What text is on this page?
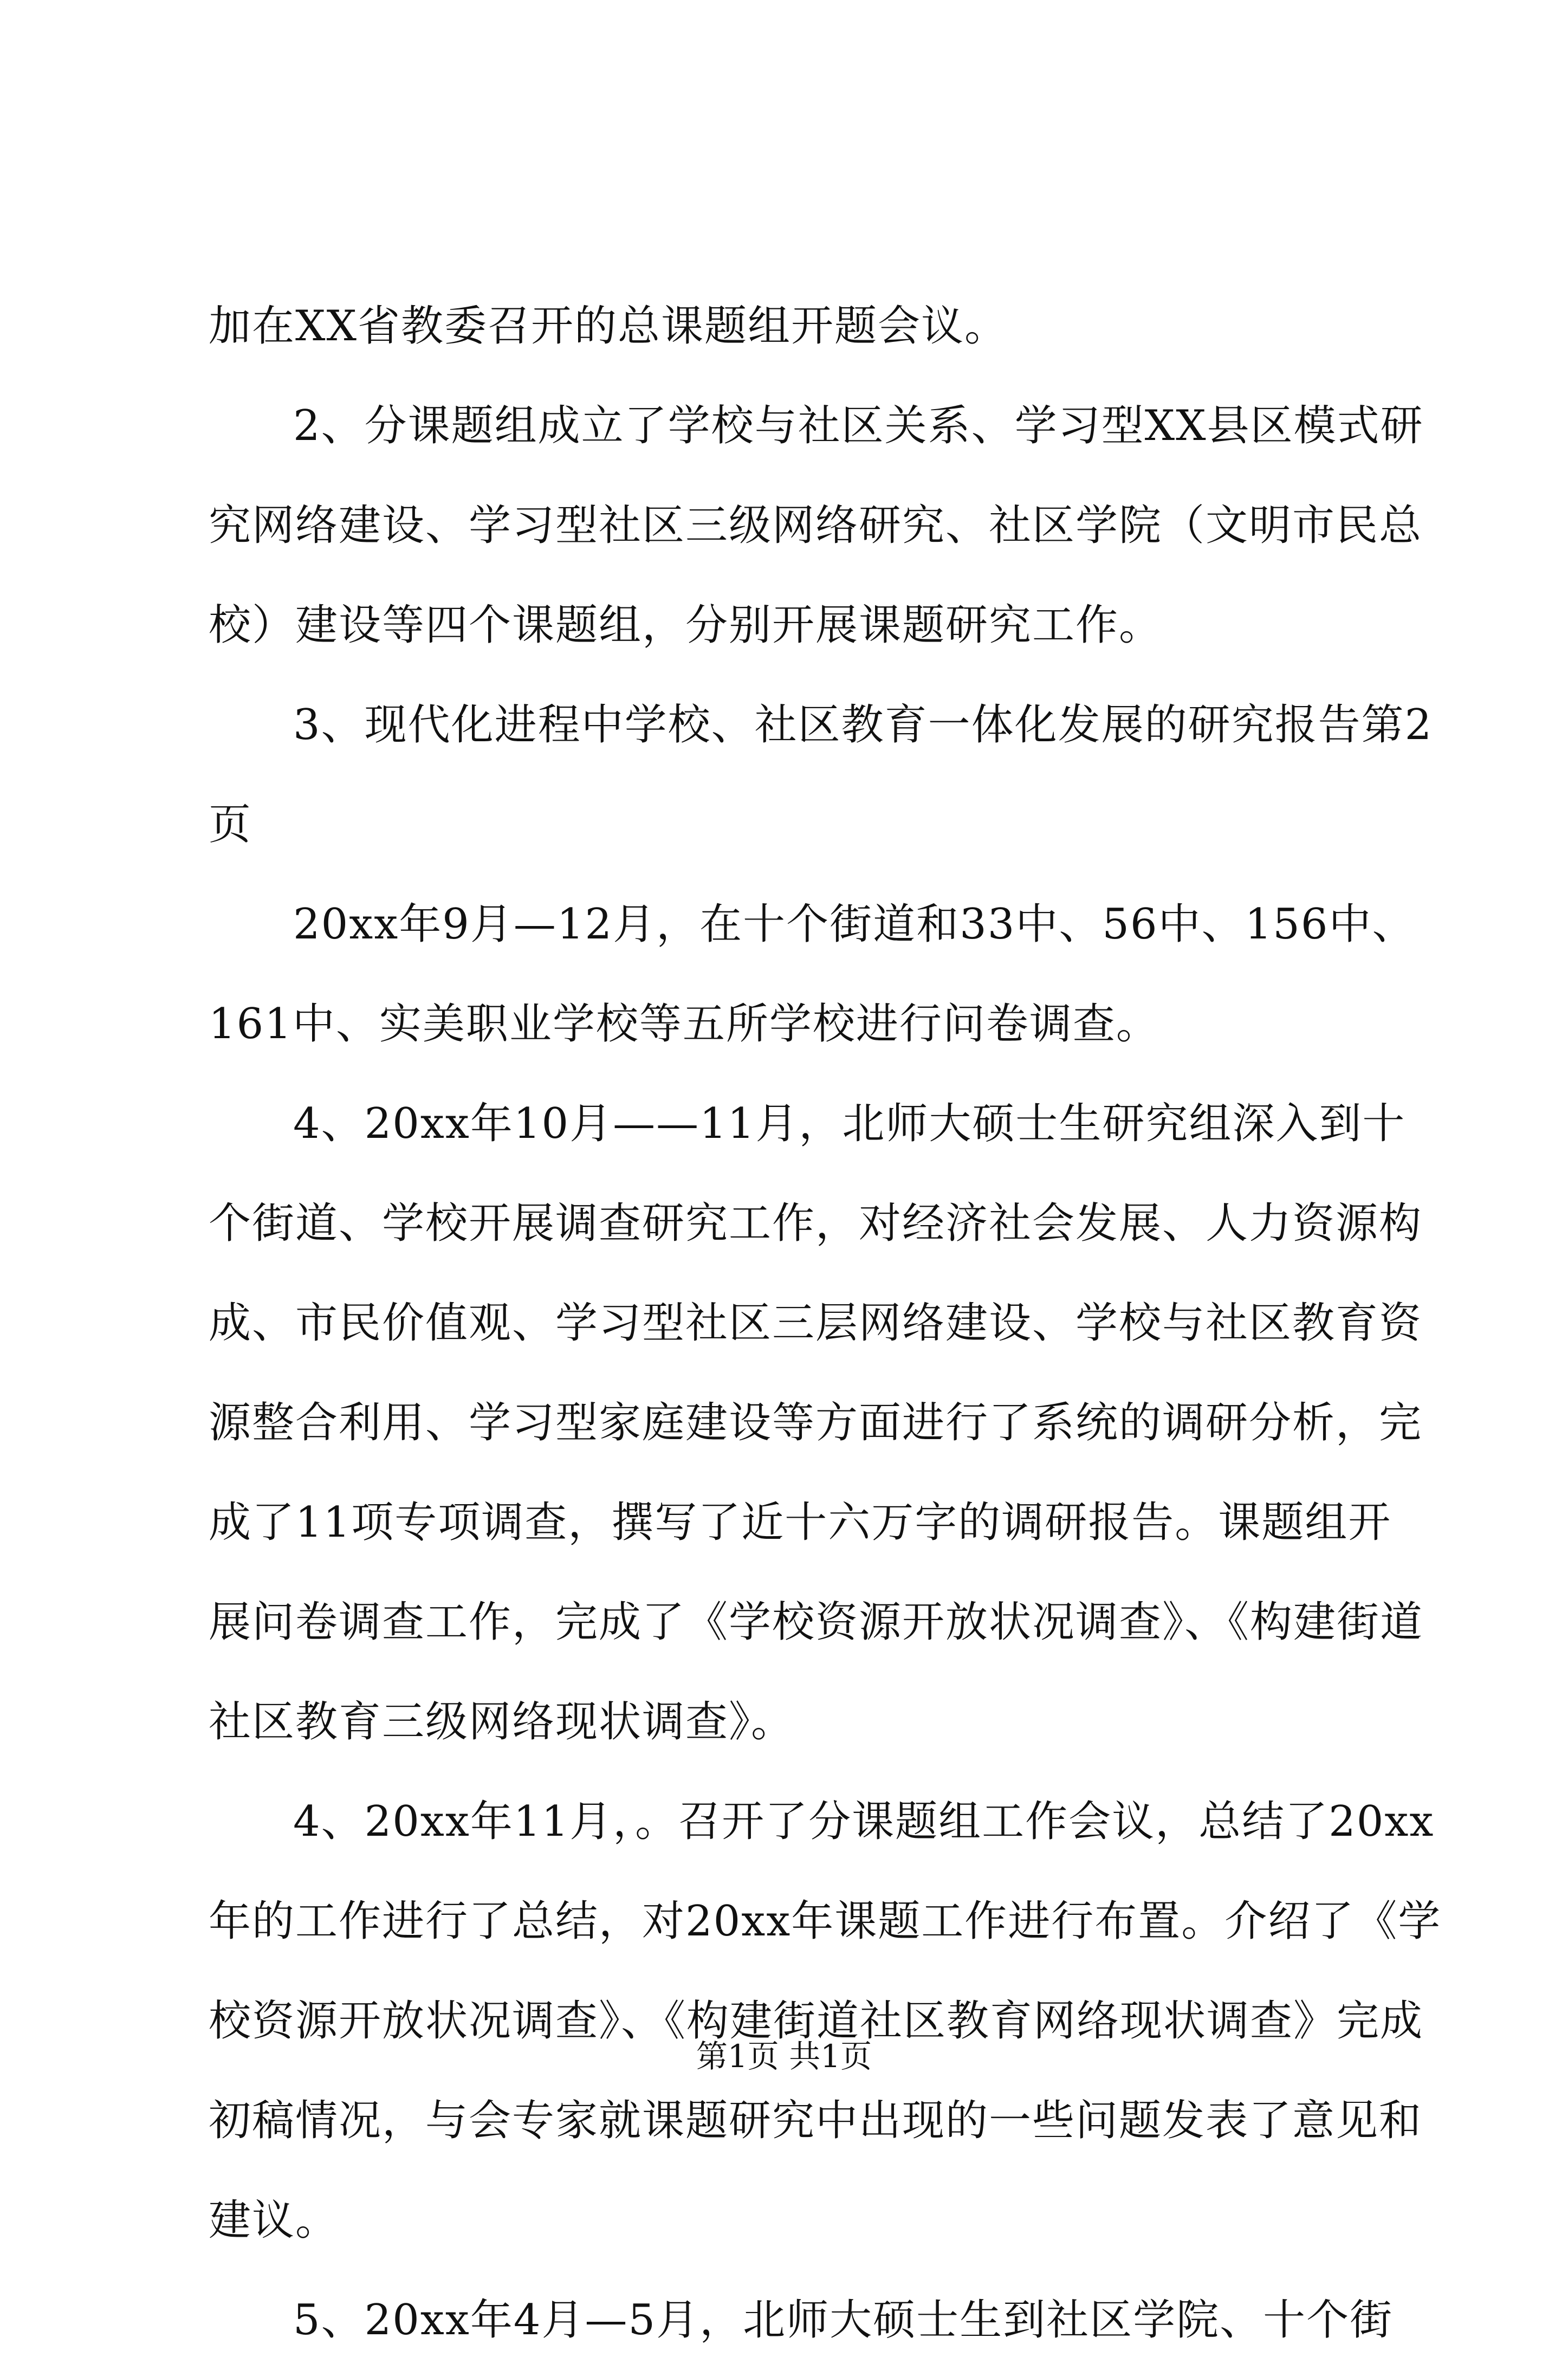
加在XX省教委召开的总课题组开题会议。
2、分课题组成立了学校与社区关系、学习型XX县区模式研
究网络建设、学习型社区三级网络研究、社区学院（文明市民总
校）建设等四个课题组，分别开展课题研究工作。
3、现代化进程中学校、社区教育一体化发展的研究报告第2
页
20xx年9月—12月，在十个街道和33中、56中、156中、
161中、实美职业学校等五所学校进行问卷调查。
4、20xx年10月——11月，北师大硕士生研究组深入到十
个街道、学校开展调查研究工作，对经济社会发展、人力资源构
成、市民价值观、学习型社区三层网络建设、学校与社区教育资
源整合利用、学习型家庭建设等方面进行了系统的调研分析，完
成了11项专项调查，撰写了近十六万字的调研报告。课题组开
展问卷调查工作，完成了《学校资源开放状况调查》、《构建街道
社区教育三级网络现状调查》。
4、20xx年11月，。召开了分课题组工作会议，总结了20xx
年的工作进行了总结，对20xx年课题工作进行布置。介绍了《学
校资源开放状况调查》、《构建街道社区教育网络现状调查》完成
初稿情况，与会专家就课题研究中出现的一些问题发表了意见和
建议。
5、20xx年4月—5月，北师大硕士生到社区学院、十个街
第1页 共1页
